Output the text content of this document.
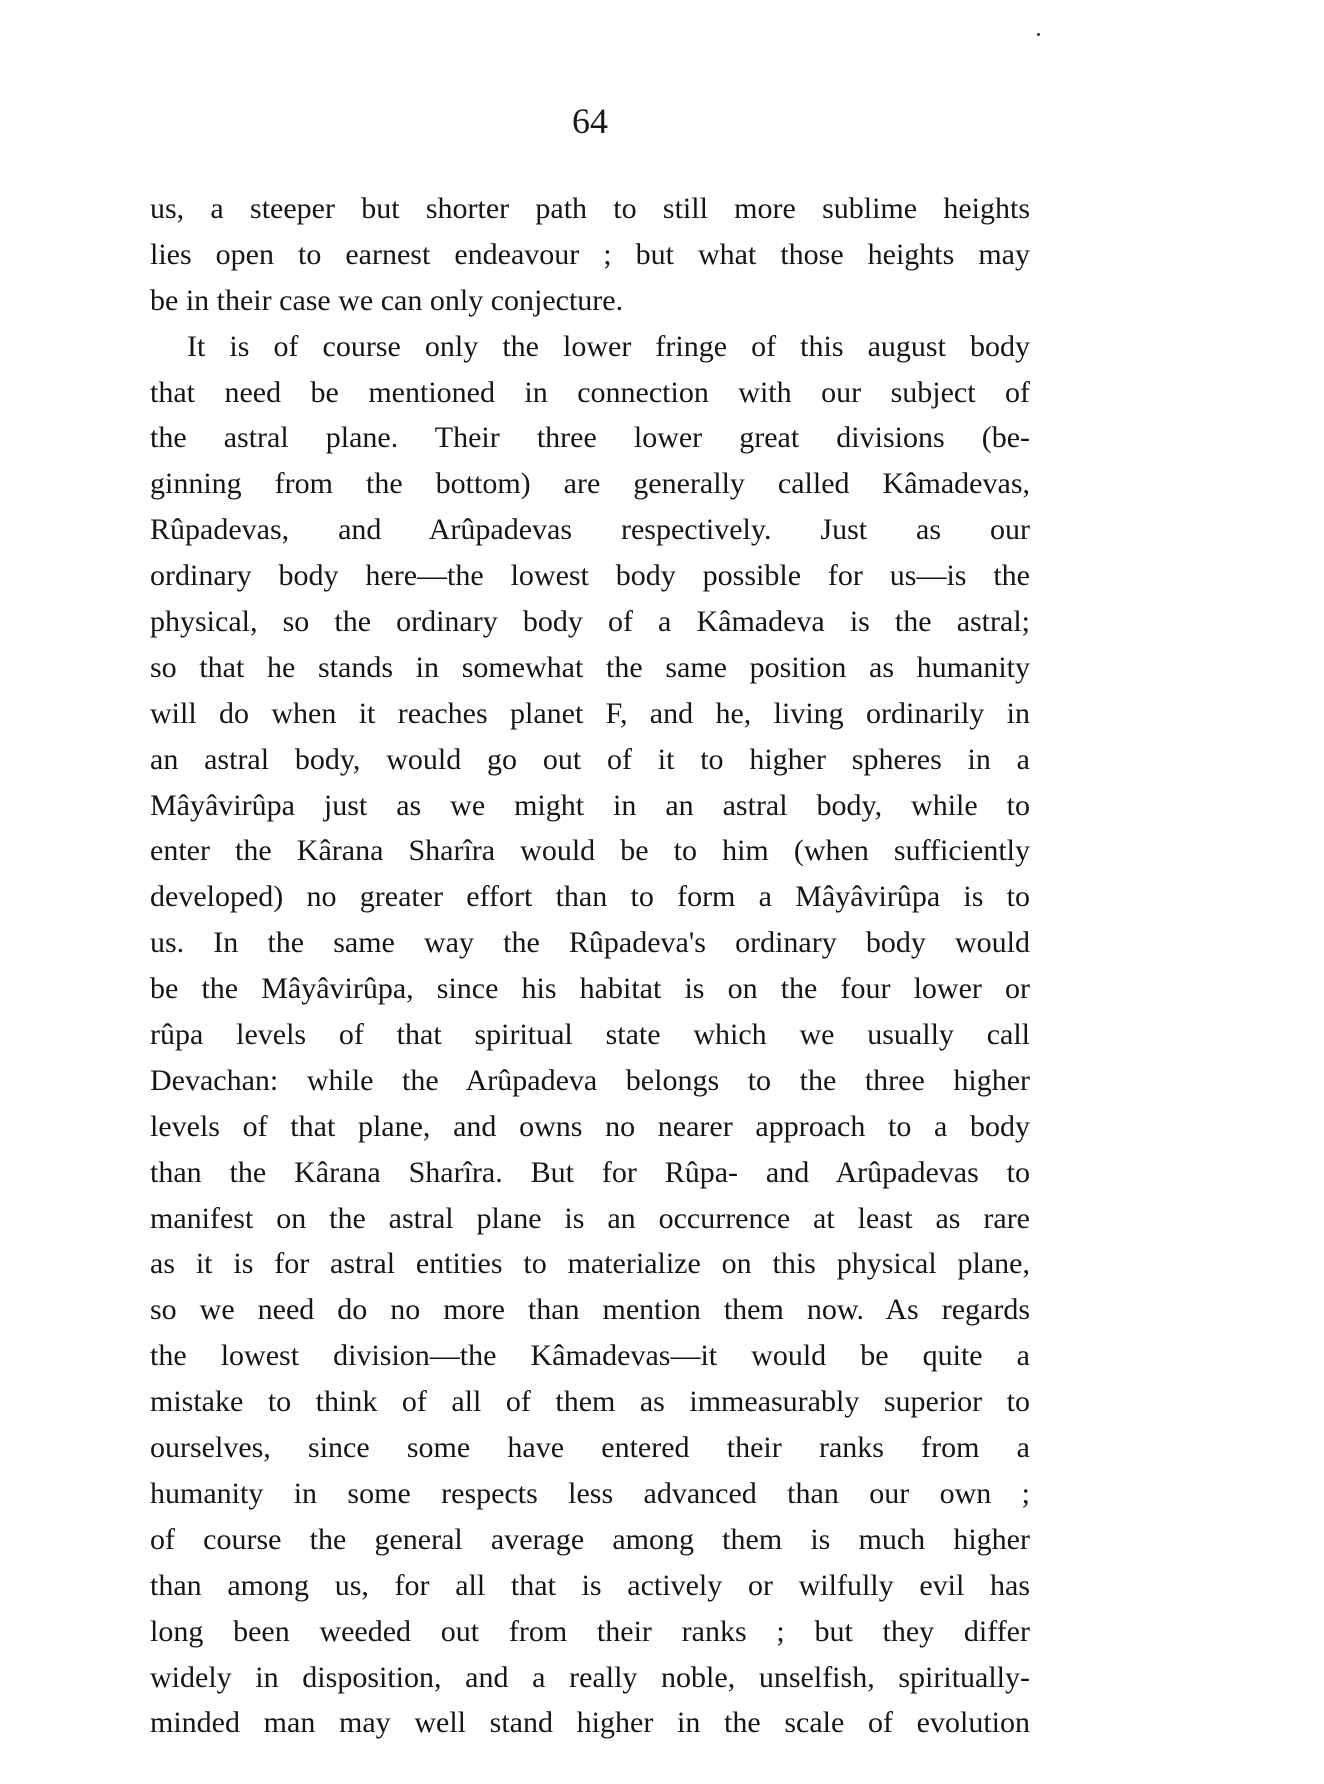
64
us, a steeper but shorter path to still more sublime heights
lies open to earnest endeavour ; but what those heights may
be in their case we can only conjecture.
It is of course only the lower fringe of this august body
that need be mentioned in connection with our subject of
the astral plane. Their three lower great divisions (be-
ginning from the bottom) are generally called Kâmadevas,
Rûpadevas, and Arûpadevas respectively. Just as our
ordinary body here—the lowest body possible for us—is the
physical, so the ordinary body of a Kâmadeva is the astral;
so that he stands in somewhat the same position as humanity
will do when it reaches planet F, and he, living ordinarily in
an astral body, would go out of it to higher spheres in a
Mâyâvirûpa just as we might in an astral body, while to
enter the Kârana Sharîra would be to him (when sufficiently
developed) no greater effort than to form a Mâyâvirûpa is to
us. In the same way the Rûpadeva's ordinary body would
be the Mâyâvirûpa, since his habitat is on the four lower or
rûpa levels of that spiritual state which we usually call
Devachan: while the Arûpadeva belongs to the three higher
levels of that plane, and owns no nearer approach to a body
than the Kârana Sharîra. But for Rûpa- and Arûpadevas to
manifest on the astral plane is an occurrence at least as rare
as it is for astral entities to materialize on this physical plane,
so we need do no more than mention them now. As regards
the lowest division—the Kâmadevas—it would be quite a
mistake to think of all of them as immeasurably superior to
ourselves, since some have entered their ranks from a
humanity in some respects less advanced than our own ;
of course the general average among them is much higher
than among us, for all that is actively or wilfully evil has
long been weeded out from their ranks ; but they differ
widely in disposition, and a really noble, unselfish, spiritually-
minded man may well stand higher in the scale of evolution
